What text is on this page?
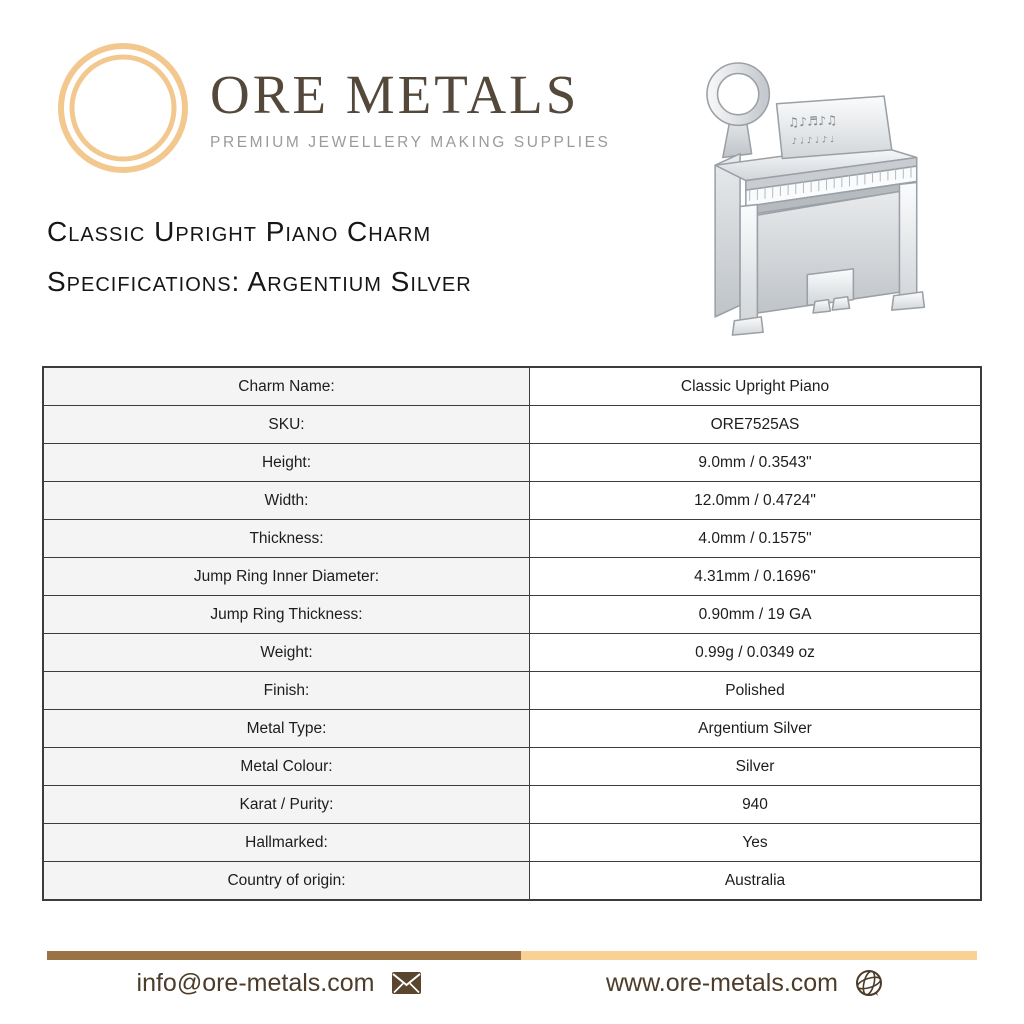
ORE METALS
PREMIUM JEWELLERY MAKING SUPPLIES
♫♪♬♪♫
♪ ♩ ♪ ♩ ♪ ♩
Classic Upright Piano Charm
Specifications: Argentium Silver
Charm Name:	Classic Upright Piano
SKU:	ORE7525AS
Height:	9.0mm / 0.3543"
Width:	12.0mm / 0.4724"
Thickness:	4.0mm / 0.1575"
Jump Ring Inner Diameter:	4.31mm / 0.1696"
Jump Ring Thickness:	0.90mm / 19 GA
Weight:	0.99g / 0.0349 oz
Finish:	Polished
Metal Type:	Argentium Silver
Metal Colour:	Silver
Karat / Purity:	940
Hallmarked:	Yes
Country of origin:	Australia
info@ore-metals.com	www.ore-metals.com
